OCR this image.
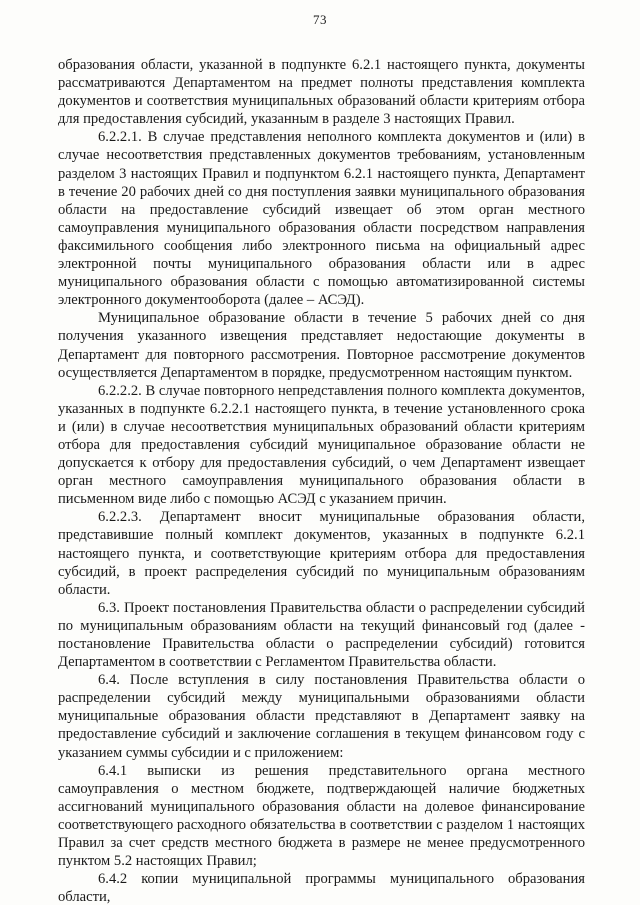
73

образования области, указанной в подпункте 6.2.1 настоящего пункта, документы рассматриваются Департаментом на предмет полноты представления комплекта документов и соответствия муниципальных образований области критериям отбора для предоставления субсидий, указанным в разделе 3 настоящих Правил.

6.2.2.1. В случае представления неполного комплекта документов и (или) в случае несоответствия представленных документов требованиям, установленным разделом 3 настоящих Правил и подпунктом 6.2.1 настоящего пункта, Департамент в течение 20 рабочих дней со дня поступления заявки муниципального образования области на предоставление субсидий извещает об этом орган местного самоуправления муниципального образования области посредством направления факсимильного сообщения либо электронного письма на официальный адрес электронной почты муниципального образования области или в адрес муниципального образования области с помощью автоматизированной системы электронного документооборота (далее – АСЭД).

Муниципальное образование области в течение 5 рабочих дней со дня получения указанного извещения представляет недостающие документы в Департамент для повторного рассмотрения. Повторное рассмотрение документов осуществляется Департаментом в порядке, предусмотренном настоящим пунктом.

6.2.2.2. В случае повторного непредставления полного комплекта документов, указанных в подпункте 6.2.2.1 настоящего пункта, в течение установленного срока и (или) в случае несоответствия муниципальных образований области критериям отбора для предоставления субсидий муниципальное образование области не допускается к отбору для предоставления субсидий, о чем Департамент извещает орган местного самоуправления муниципального образования области в письменном виде либо с помощью АСЭД с указанием причин.

6.2.2.3. Департамент вносит муниципальные образования области, представившие полный комплект документов, указанных в подпункте 6.2.1 настоящего пункта, и соответствующие критериям отбора для предоставления субсидий, в проект распределения субсидий по муниципальным образованиям области.

6.3. Проект постановления Правительства области о распределении субсидий по муниципальным образованиям области на текущий финансовый год (далее - постановление Правительства области о распределении субсидий) готовится Департаментом в соответствии с Регламентом Правительства области.

6.4. После вступления в силу постановления Правительства области о распределении субсидий между муниципальными образованиями области муниципальные образования области представляют в Департамент заявку на предоставление субсидий и заключение соглашения в текущем финансовом году с указанием суммы субсидии и с приложением:

6.4.1 выписки из решения представительного органа местного самоуправления о местном бюджете, подтверждающей наличие бюджетных ассигнований муниципального образования области на долевое финансирование соответствующего расходного обязательства в соответствии с разделом 1 настоящих Правил за счет средств местного бюджета в размере не менее предусмотренного пунктом 5.2 настоящих Правил;

6.4.2 копии муниципальной программы муниципального образования области,
